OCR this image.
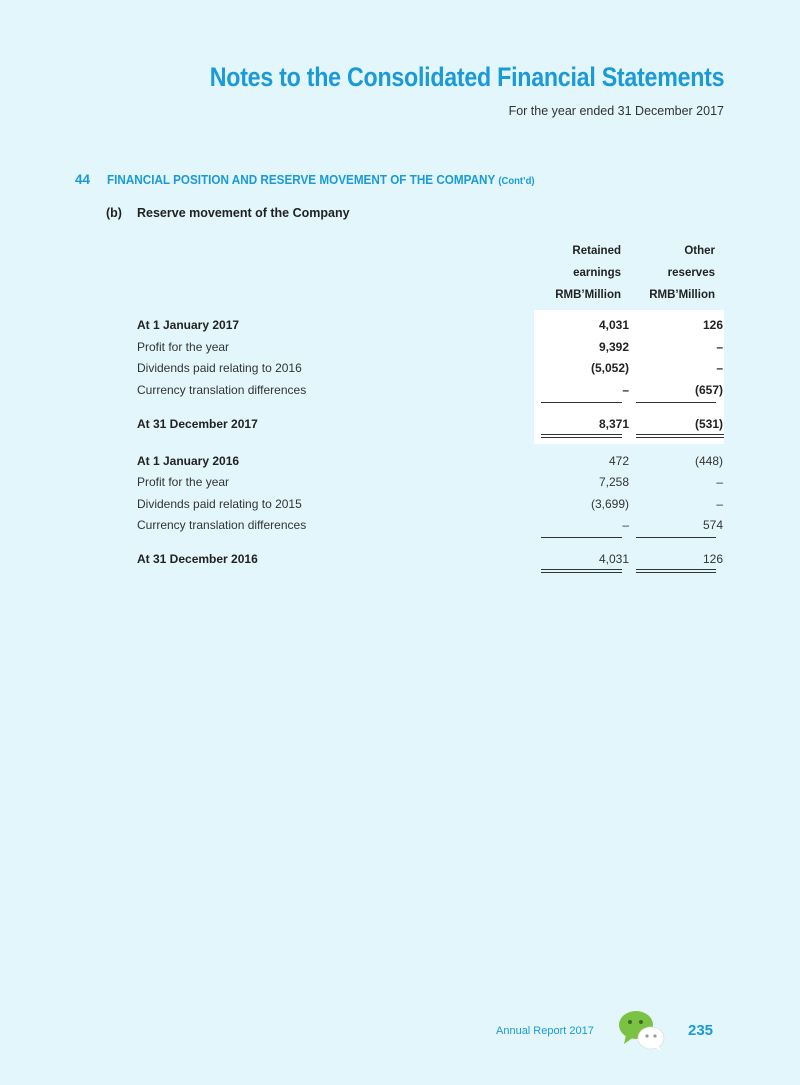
Notes to the Consolidated Financial Statements
For the year ended 31 December 2017
44 FINANCIAL POSITION AND RESERVE MOVEMENT OF THE COMPANY (Cont’d)
(b) Reserve movement of the Company
Retained
earnings
RMB’Million
Other
reserves
RMB’Million
At 1 January 2017	4,031	126
Profit for the year	9,392	–
Dividends paid relating to 2016	(5,052)	–
Currency translation differences	–	(657)
At 31 December 2017	8,371	(531)
At 1 January 2016	472	(448)
Profit for the year	7,258	–
Dividends paid relating to 2015	(3,699)	–
Currency translation differences	–	574
At 31 December 2016	4,031	126
Annual Report 2017	235
